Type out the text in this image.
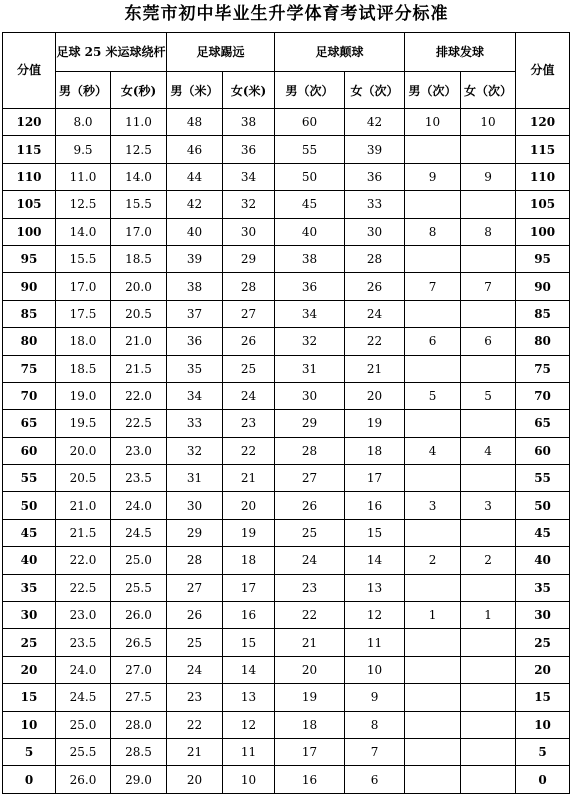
东莞市初中毕业生升学体育考试评分标准
分值	足球 25 米运球绕杆		足球踢远		足球颠球		排球发球		分值
	男（秒）	女(秒)	男（米）	女(米)	男（次）	女（次）	男（次）	女（次）	
120	8.0	11.0	48	38	60	42	10	10	120
115	9.5	12.5	46	36	55	39			115
110	11.0	14.0	44	34	50	36	9	9	110
105	12.5	15.5	42	32	45	33			105
100	14.0	17.0	40	30	40	30	8	8	100
95	15.5	18.5	39	29	38	28			95
90	17.0	20.0	38	28	36	26	7	7	90
85	17.5	20.5	37	27	34	24			85
80	18.0	21.0	36	26	32	22	6	6	80
75	18.5	21.5	35	25	31	21			75
70	19.0	22.0	34	24	30	20	5	5	70
65	19.5	22.5	33	23	29	19			65
60	20.0	23.0	32	22	28	18	4	4	60
55	20.5	23.5	31	21	27	17			55
50	21.0	24.0	30	20	26	16	3	3	50
45	21.5	24.5	29	19	25	15			45
40	22.0	25.0	28	18	24	14	2	2	40
35	22.5	25.5	27	17	23	13			35
30	23.0	26.0	26	16	22	12	1	1	30
25	23.5	26.5	25	15	21	11			25
20	24.0	27.0	24	14	20	10			20
15	24.5	27.5	23	13	19	9			15
10	25.0	28.0	22	12	18	8			10
5	25.5	28.5	21	11	17	7			5
0	26.0	29.0	20	10	16	6			0
